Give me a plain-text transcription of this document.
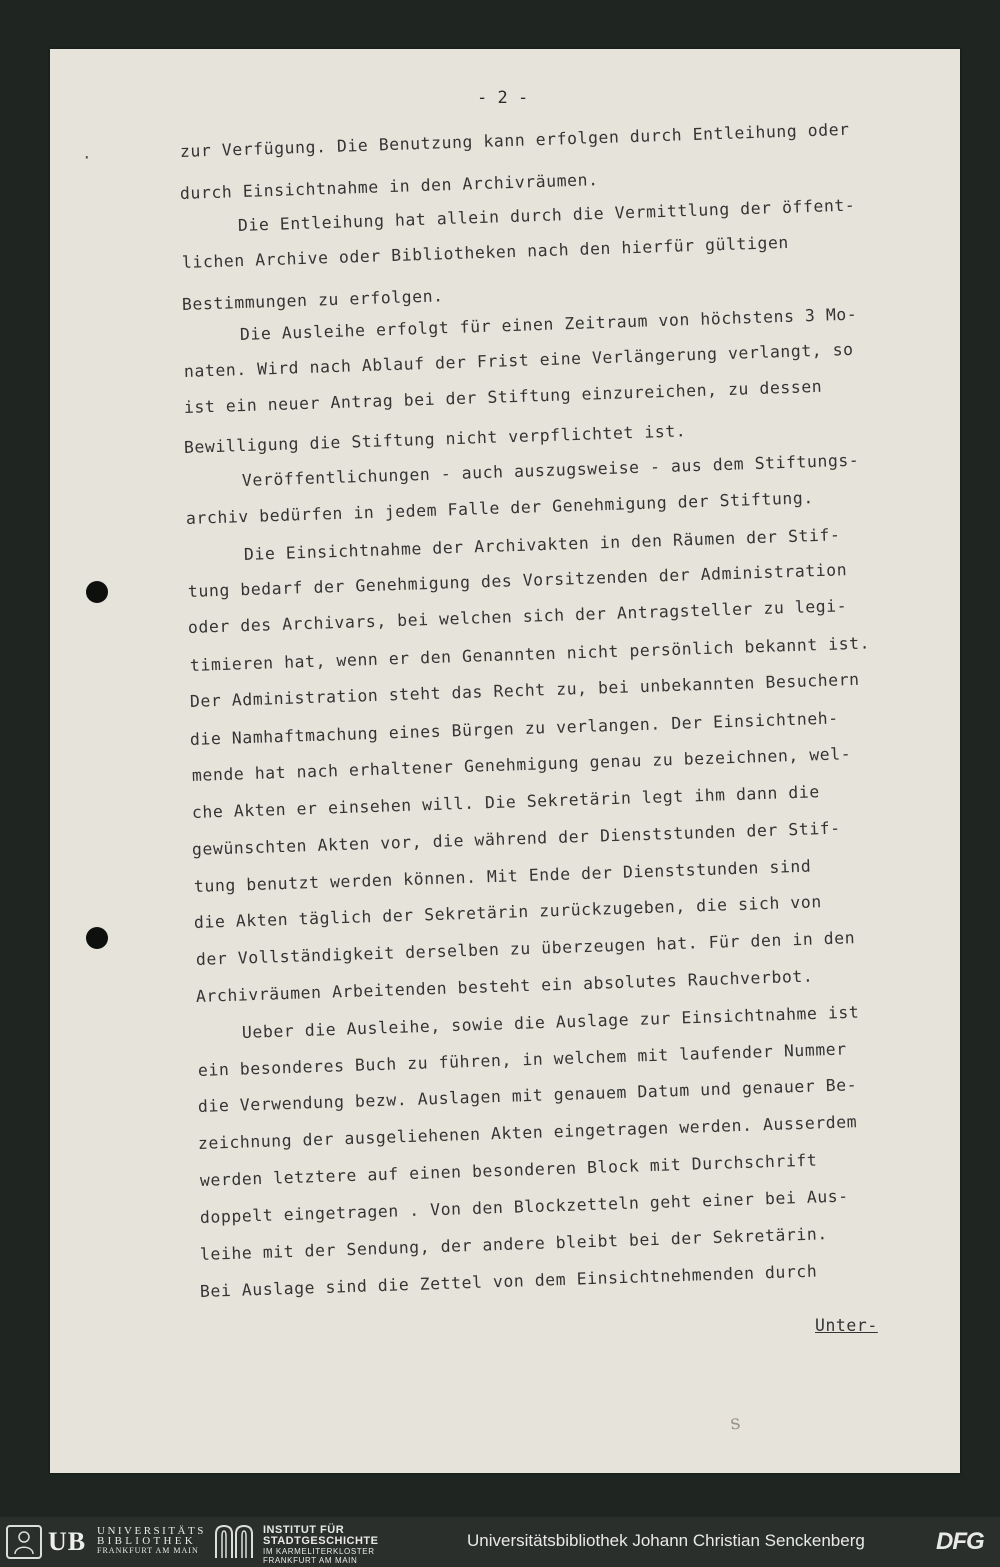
·
- 2 -
zur Verfügung. Die Benutzung kann erfolgen durch Entleihung oder
durch Einsichtnahme in den Archivräumen.
Die Entleihung hat allein durch die Vermittlung der öffent-
lichen Archive oder Bibliotheken nach den hierfür gültigen
Bestimmungen zu erfolgen.
Die Ausleihe erfolgt für einen Zeitraum von höchstens 3 Mo-
naten. Wird nach Ablauf der Frist eine Verlängerung verlangt, so
ist ein neuer Antrag bei der Stiftung einzureichen, zu dessen
Bewilligung die Stiftung nicht verpflichtet ist.
Veröffentlichungen - auch auszugsweise - aus dem Stiftungs-
archiv bedürfen in jedem Falle der Genehmigung der Stiftung.
Die Einsichtnahme der Archivakten in den Räumen der Stif-
tung bedarf der Genehmigung des Vorsitzenden der Administration
oder des Archivars, bei welchen sich der Antragsteller zu legi-
timieren hat, wenn er den Genannten nicht persönlich bekannt ist.
Der Administration steht das Recht zu, bei unbekannten Besuchern
die Namhaftmachung eines Bürgen zu verlangen. Der Einsichtneh-
mende hat nach erhaltener Genehmigung genau zu bezeichnen, wel-
che Akten er einsehen will. Die Sekretärin legt ihm dann die
gewünschten Akten vor, die während der Dienststunden der Stif-
tung benutzt werden können. Mit Ende der Dienststunden sind
die Akten täglich der Sekretärin zurückzugeben, die sich von
der Vollständigkeit derselben zu überzeugen hat. Für den in den
Archivräumen Arbeitenden besteht ein absolutes Rauchverbot.
Ueber die Ausleihe, sowie die Auslage zur Einsichtnahme ist
ein besonderes Buch zu führen, in welchem mit laufender Nummer
die Verwendung bezw. Auslagen mit genauem Datum und genauer Be-
zeichnung der ausgeliehenen Akten eingetragen werden. Ausserdem
werden letztere auf einen besonderen Block mit Durchschrift
doppelt eingetragen . Von den Blockzetteln geht einer bei Aus-
leihe mit der Sendung, der andere bleibt bei der Sekretärin.
Bei Auslage sind die Zettel von dem Einsichtnehmenden durch
Unter-
s
UB UNIVERSITÄTS
BIBLIOTHEK
FRANKFURT AM MAIN
INSTITUT FÜR
STADTGESCHICHTE
IM KARMELITERKLOSTER
FRANKFURT AM MAIN
Universitätsbibliothek Johann Christian Senckenberg	DFG
